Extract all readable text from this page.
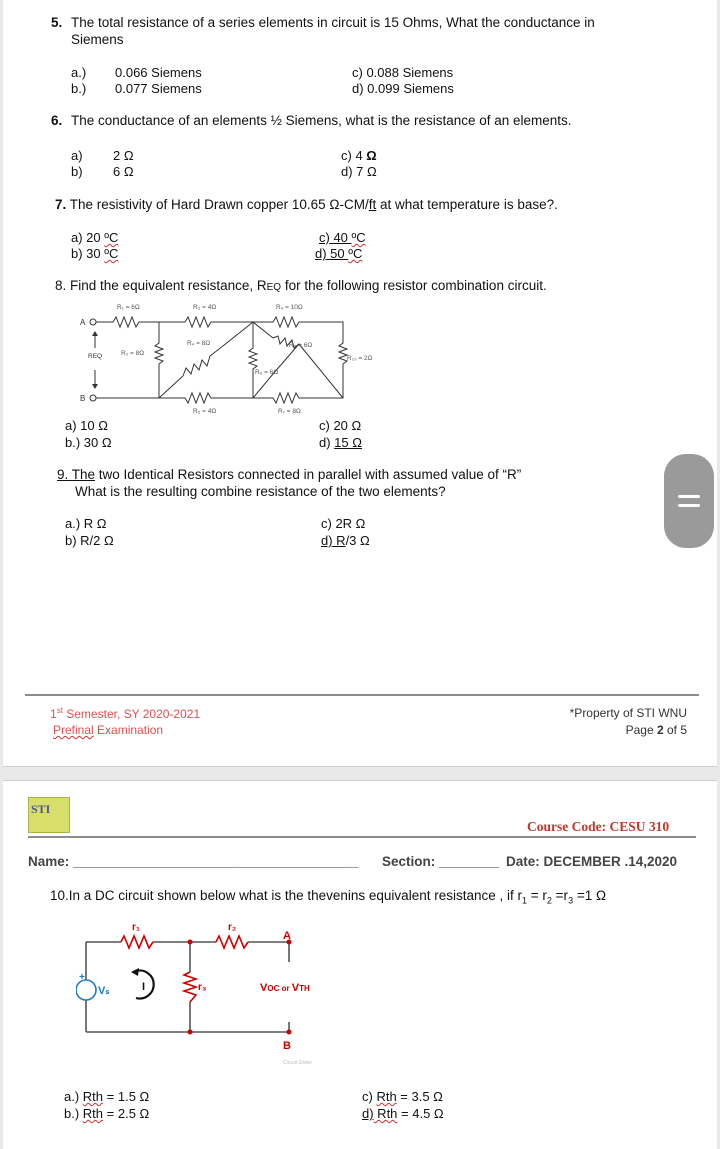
5. The total resistance of a series elements in circuit is 15 Ohms, What the conductance in
Siemens
a.) 0.066 Siemens
b.) 0.077 Siemens
c) 0.088 Siemens
d) 0.099 Siemens
6. The conductance of an elements ½ Siemens, what is the resistance of an elements.
a) 2 Ω
b) 6 Ω
c) 4 Ω
d) 7 Ω
7. The resistivity of Hard Drawn copper 10.65 Ω-CM/ft at what temperature is base?.
a) 20 ºC
b) 30 ºC
c) 40 ºC
d) 50 ºC
8. Find the equivalent resistance, REQ for the following resistor combination circuit.
A
B
REQ
R₁ = 6Ω	R₃ = 4Ω	R₉ = 10Ω
R₂ = 8Ω
R₄ = 8Ω	R₈ = 6Ω
R₁₀ = 2Ω
R₆ = 6Ω
R₅ = 4Ω	R₇ = 8Ω
a) 10 Ω
b.) 30 Ω
c) 20 Ω
d) 15 Ω
9. The two Identical Resistors connected in parallel with assumed value of “R”
What is the resulting combine resistance of the two elements?
a.) R Ω
b) R/2 Ω
c) 2R Ω
d) R/3 Ω
1st Semester, SY 2020-2021
Prefinal Examination
*Property of STI WNU
Page 2 of 5
STI
Course Code: CESU 310
Name: ______________________________________ Section: ________ Date: DECEMBER .14,2020
10.In a DC circuit shown below what is the thevenins equivalent resistance , if $r_1 = r_2 =r_3 =1$ Ω
+
r₁	r₂
r₃
Vₛ	I
A
B
VOC or VTH
Circuit Globe
a.) Rth = 1.5 Ω
b.) Rth = 2.5 Ω
c) Rth = 3.5 Ω
d) Rth = 4.5 Ω
